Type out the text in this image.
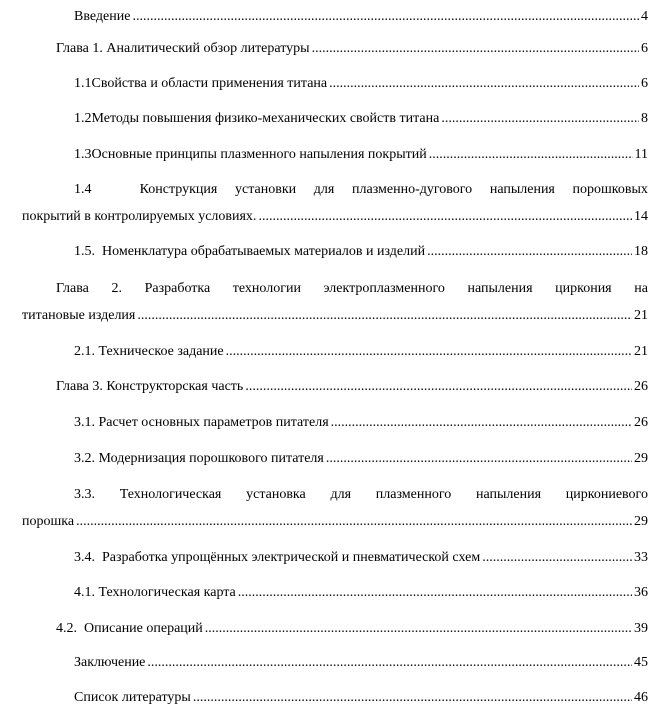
Введение .....	4
Глава 1. Аналитический обзор литературы .....	6
1.1 Свойства и области применения титана .....	6
1.2 Методы повышения физико-механических свойств титана .....	8
1.3 Основные принципы плазменного напыления покрытий .....	11
1.4	Конструкция установки для плазменно-дугового напыления порошковых
покрытий в контролируемых условиях. .....	14
1.5.  Номенклатура обрабатываемых материалов и изделий .....	18
Глава 2. Разработка технологии электроплазменного напыления циркония на
титановые изделия .....	21
2.1. Техническое задание .....	21
Глава 3. Конструкторская часть .....	26
3.1. Расчет основных параметров питателя .....	26
3.2. Модернизация порошкового питателя .....	29
3.3. Технологическая установка для плазменного напыления циркониевого
порошка .....	29
3.4.  Разработка упрощённых электрической и пневматической схем .....	33
4.1. Технологическая карта .....	36
4.2.  Описание операций .....	39
Заключение .....	45
Список литературы .....	46
